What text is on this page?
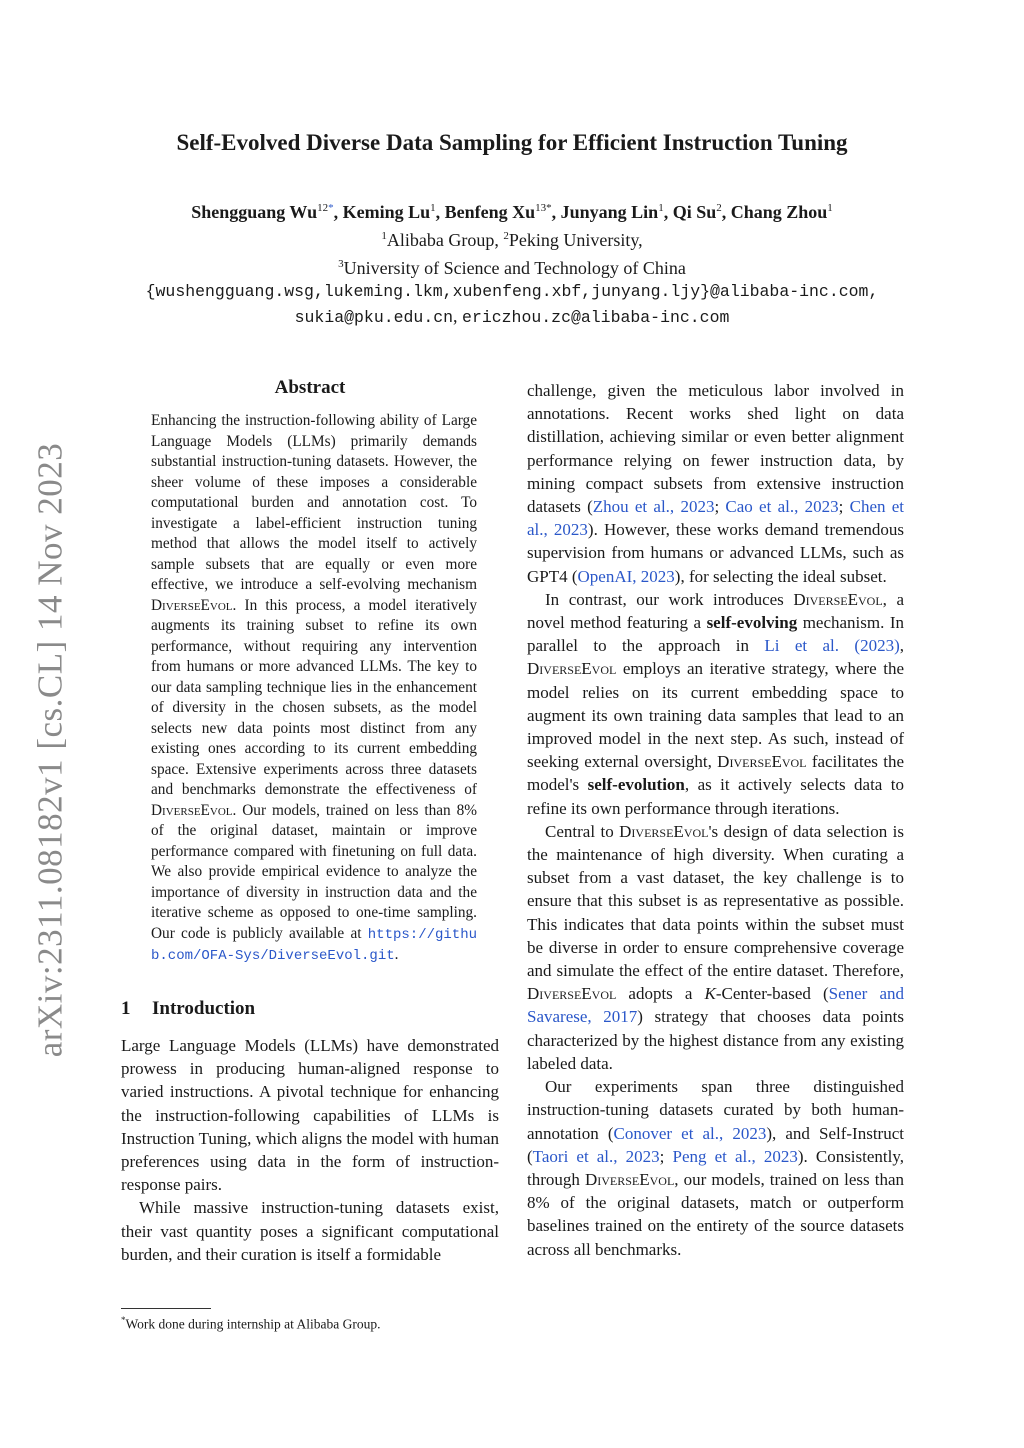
arXiv:2311.08182v1 [cs.CL] 14 Nov 2023
Self-Evolved Diverse Data Sampling for Efficient Instruction Tuning
Shengguang $Wu^{12*}$, Keming Lu$^1$, Benfeng $Xu^{13*}$, Junyang Lin$^1$, Qi Su$^2$, Chang Zhou$^1$
$^1$Alibaba Group, $^2$Peking University,
$^3$University of Science and Technology of China
{wushengguang.wsg,lukeming.lkm,xubenfeng.xbf,junyang.ljy}@alibaba-inc.com,
sukia@pku.edu.cn, ericzhou.zc@alibaba-inc.com
Abstract
Enhancing the instruction-following ability of Large Language Models (LLMs) primarily demands substantial instruction-tuning datasets. However, the sheer volume of these imposes a considerable computational burden and annotation cost. To investigate a label-efficient instruction tuning method that allows the model itself to actively sample subsets that are equally or even more effective, we introduce a self-evolving mechanism DiverseEvol. In this process, a model iteratively augments its training subset to refine its own performance, without requiring any intervention from humans or more advanced LLMs. The key to our data sampling technique lies in the enhancement of diversity in the chosen subsets, as the model selects new data points most distinct from any existing ones according to its current embedding space. Extensive experiments across three datasets and benchmarks demonstrate the effectiveness of DiverseEvol. Our models, trained on less than 8% of the original dataset, maintain or improve performance compared with finetuning on full data. We also provide empirical evidence to analyze the importance of diversity in instruction data and the iterative scheme as opposed to one-time sampling. Our code is publicly available at https://github.com/OFA-Sys/DiverseEvol.git.
1 Introduction

Large Language Models (LLMs) have demonstrated prowess in producing human-aligned response to varied instructions. A pivotal technique for enhancing the instruction-following capabilities of LLMs is Instruction Tuning, which aligns the model with human preferences using data in the form of instruction-response pairs.

While massive instruction-tuning datasets exist, their vast quantity poses a significant computational burden, and their curation is itself a formidable

*Work done during internship at Alibaba Group.

challenge, given the meticulous labor involved in annotations. Recent works shed light on data distillation, achieving similar or even better alignment performance relying on fewer instruction data, by mining compact subsets from extensive instruction datasets (Zhou et al., 2023; Cao et al., 2023; Chen et al., 2023). However, these works demand tremendous supervision from humans or advanced LLMs, such as GPT4 (OpenAI, 2023), for selecting the ideal subset.

In contrast, our work introduces DiverseEvol, a novel method featuring a self-evolving mechanism. In parallel to the approach in Li et al. (2023), DiverseEvol employs an iterative strategy, where the model relies on its current embedding space to augment its own training data samples that lead to an improved model in the next step. As such, instead of seeking external oversight, DiverseEvol facilitates the model's self-evolution, as it actively selects data to refine its own performance through iterations.

Central to DiverseEvol's design of data selection is the maintenance of high diversity. When curating a subset from a vast dataset, the key challenge is to ensure that this subset is as representative as possible. This indicates that data points within the subset must be diverse in order to ensure comprehensive coverage and simulate the effect of the entire dataset. Therefore, DiverseEvol adopts a K-Center-based (Sener and Savarese, 2017) strategy that chooses data points characterized by the highest distance from any existing labeled data.

Our experiments span three distinguished instruction-tuning datasets curated by both human-annotation (Conover et al., 2023), and Self-Instruct (Taori et al., 2023; Peng et al., 2023). Consistently, through DiverseEvol, our models, trained on less than 8% of the original datasets, match or outperform baselines trained on the entirety of the source datasets across all benchmarks.
